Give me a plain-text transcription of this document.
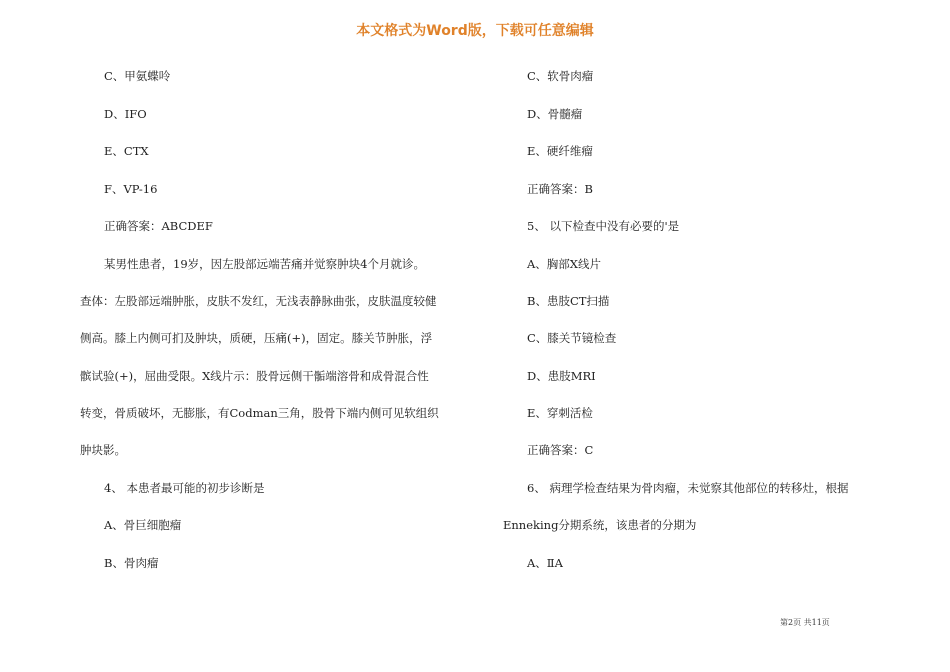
本文格式为Word版，下载可任意编辑
C、甲氨蝶呤
D、IFO
E、CTX
F、VP-16
正确答案：ABCDEF
某男性患者，19岁，因左股部远端苦痛并觉察肿块4个月就诊。
查体：左股部远端肿胀，皮肤不发红，无浅表静脉曲张，皮肤温度较健
侧高。膝上内侧可扪及肿块，质硬，压痛(+)，固定。膝关节肿胀，浮
髌试验(+)，屈曲受限。X线片示：股骨远侧干骺端溶骨和成骨混合性
转变，骨质破坏，无膨胀，有Codman三角，股骨下端内侧可见软组织
肿块影。
4、 本患者最可能的初步诊断是
A、骨巨细胞瘤
B、骨肉瘤
C、软骨肉瘤
D、骨髓瘤
E、硬纤维瘤
正确答案：B
5、 以下检查中没有必要的'是
A、胸部X线片
B、患肢CT扫描
C、膝关节镜检查
D、患肢MRI
E、穿刺活检
正确答案：C
6、 病理学检查结果为骨肉瘤，未觉察其他部位的转移灶，根据
Enneking分期系统，该患者的分期为
A、ⅡA
第2页 共11页
